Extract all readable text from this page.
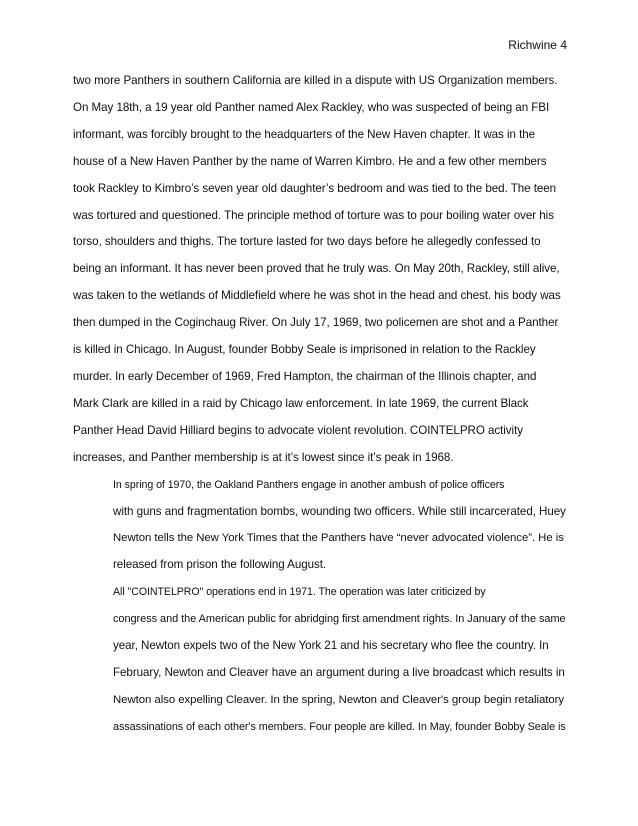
Richwine 4

two more Panthers in southern California are killed in a dispute with US Organization members.
On May 18th, a 19 year old Panther named Alex Rackley, who was suspected of being an FBI
informant, was forcibly brought to the headquarters of the New Haven chapter. It was in the
house of a New Haven Panther by the name of Warren Kimbro. He and a few other members
took Rackley to Kimbro’s seven year old daughter’s bedroom and was tied to the bed. The teen
was tortured and questioned. The principle method of torture was to pour boiling water over his
torso, shoulders and thighs. The torture lasted for two days before he allegedly confessed to
being an informant. It has never been proved that he truly was. On May 20th, Rackley, still alive,
was taken to the wetlands of Middlefield where he was shot in the head and chest. his body was
then dumped in the Coginchaug River. On July 17, 1969, two policemen are shot and a Panther
is killed in Chicago. In August, founder Bobby Seale is imprisoned in relation to the Rackley
murder. In early December of 1969, Fred Hampton, the chairman of the Illinois chapter, and
Mark Clark are killed in a raid by Chicago law enforcement. In late 1969, the current Black
Panther Head David Hilliard begins to advocate violent revolution. COINTELPRO activity
increases, and Panther membership is at it’s lowest since it’s peak in 1968.

In spring of 1970, the Oakland Panthers engage in another ambush of police officers
with guns and fragmentation bombs, wounding two officers. While still incarcerated, Huey
Newton tells the New York Times that the Panthers have “never advocated violence”. He is
released from prison the following August.

All "COINTELPRO" operations end in 1971. The operation was later criticized by
congress and the American public for abridging first amendment rights. In January of the same
year, Newton expels two of the New York 21 and his secretary who flee the country. In
February, Newton and Cleaver have an argument during a live broadcast which results in
Newton also expelling Cleaver. In the spring, Newton and Cleaver's group begin retaliatory
assassinations of each other's members. Four people are killed. In May, founder Bobby Seale is
